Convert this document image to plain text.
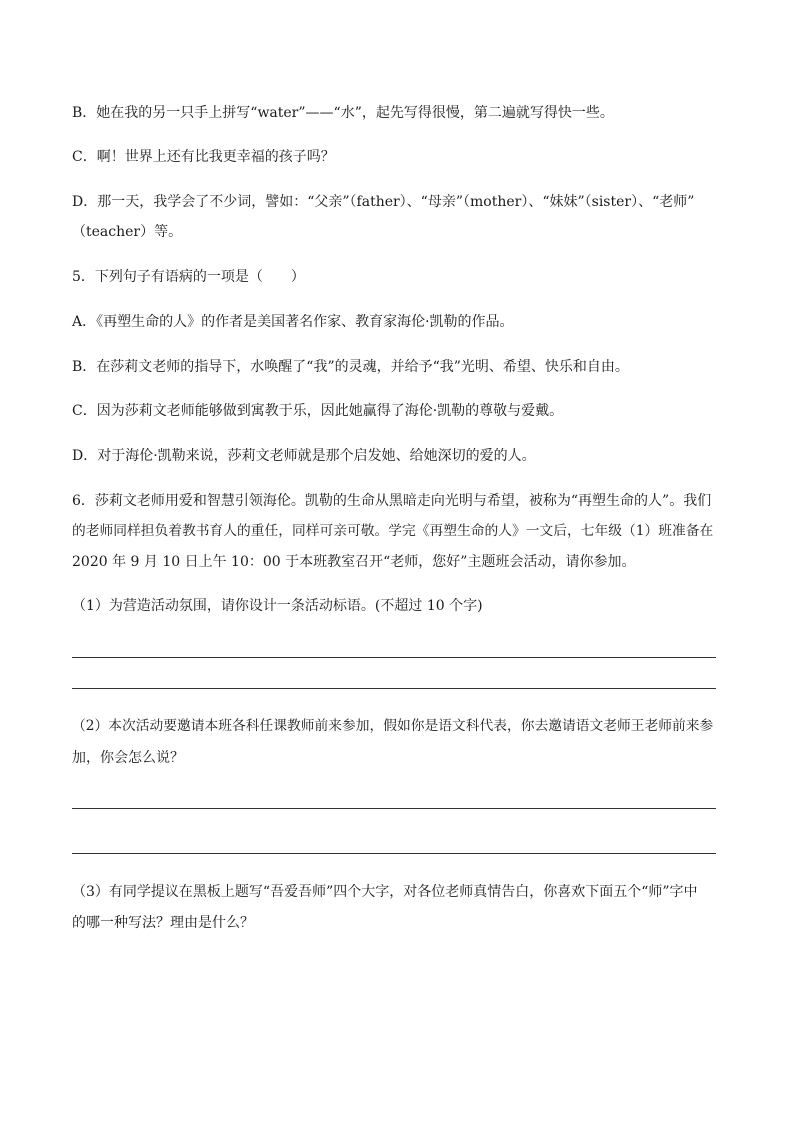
B．她在我的另一只手上拼写“water”——“水”，起先写得很慢，第二遍就写得快一些。
C．啊！世界上还有比我更幸福的孩子吗？
D．那一天，我学会了不少词，譬如：“父亲”（father）、“母亲”（mother）、“妹妹”（sister）、“老师”
（teacher）等。
5．下列句子有语病的一项是（　　）
A．《再塑生命的人》的作者是美国著名作家、教育家海伦·凯勒的作品。
B．在莎莉文老师的指导下，水唤醒了“我”的灵魂，并给予“我”光明、希望、快乐和自由。
C．因为莎莉文老师能够做到寓教于乐，因此她赢得了海伦·凯勒的尊敬与爱戴。
D．对于海伦·凯勒来说，莎莉文老师就是那个启发她、给她深切的爱的人。
6．莎莉文老师用爱和智慧引领海伦。凯勒的生命从黑暗走向光明与希望，被称为“再塑生命的人”。我们
的老师同样担负着教书育人的重任，同样可亲可敬。学完《再塑生命的人》一文后，七年级（1）班准备在
2020 年 9 月 10 日上午 10：00 于本班教室召开“老师，您好”主题班会活动，请你参加。
（1）为营造活动氛围，请你设计一条活动标语。(不超过 10 个字)
（2）本次活动要邀请本班各科任课教师前来参加，假如你是语文科代表，你去邀请语文老师王老师前来参
加，你会怎么说？
（3）有同学提议在黑板上题写“吾爱吾师”四个大字，对各位老师真情告白，你喜欢下面五个“师”字中
的哪一种写法？理由是什么？
